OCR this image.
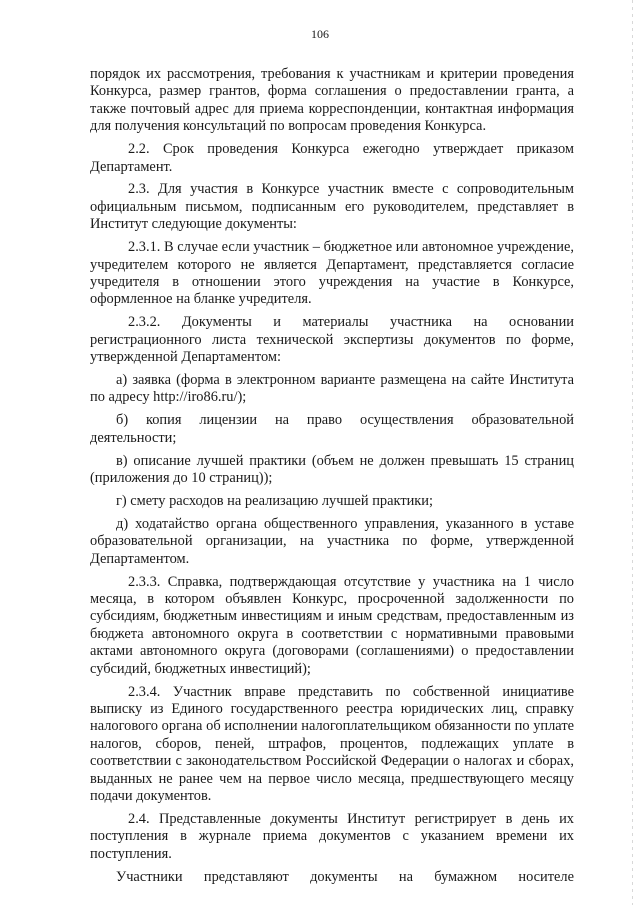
106

порядок их рассмотрения, требования к участникам и критерии проведения Конкурса, размер грантов, форма соглашения о предоставлении гранта, а также почтовый адрес для приема корреспонденции, контактная информация для получения консультаций по вопросам проведения Конкурса.

2.2. Срок проведения Конкурса ежегодно утверждает приказом Департамент.

2.3. Для участия в Конкурсе участник вместе с сопроводительным официальным письмом, подписанным его руководителем, представляет в Институт следующие документы:

2.3.1. В случае если участник – бюджетное или автономное учреждение, учредителем которого не является Департамент, представляется согласие учредителя в отношении этого учреждения на участие в Конкурсе, оформленное на бланке учредителя.

2.3.2. Документы и материалы участника на основании регистрационного листа технической экспертизы документов по форме, утвержденной Департаментом:

а) заявка (форма в электронном варианте размещена на сайте Института по адресу http://iro86.ru/);

б) копия лицензии на право осуществления образовательной деятельности;

в) описание лучшей практики (объем не должен превышать 15 страниц (приложения до 10 страниц));

г) смету расходов на реализацию лучшей практики;

д) ходатайство органа общественного управления, указанного в уставе образовательной организации, на участника по форме, утвержденной Департаментом.

2.3.3. Справка, подтверждающая отсутствие у участника на 1 число месяца, в котором объявлен Конкурс, просроченной задолженности по субсидиям, бюджетным инвестициям и иным средствам, предоставленным из бюджета автономного округа в соответствии с нормативными правовыми актами автономного округа (договорами (соглашениями) о предоставлении субсидий, бюджетных инвестиций);

2.3.4. Участник вправе представить по собственной инициативе выписку из Единого государственного реестра юридических лиц, справку налогового органа об исполнении налогоплательщиком обязанности по уплате налогов, сборов, пеней, штрафов, процентов, подлежащих уплате в соответствии с законодательством Российской Федерации о налогах и сборах, выданных не ранее чем на первое число месяца, предшествующего месяцу подачи документов.

2.4. Представленные документы Институт регистрирует в день их поступления в журнале приема документов с указанием времени их поступления.

Участники представляют документы на бумажном носителе
